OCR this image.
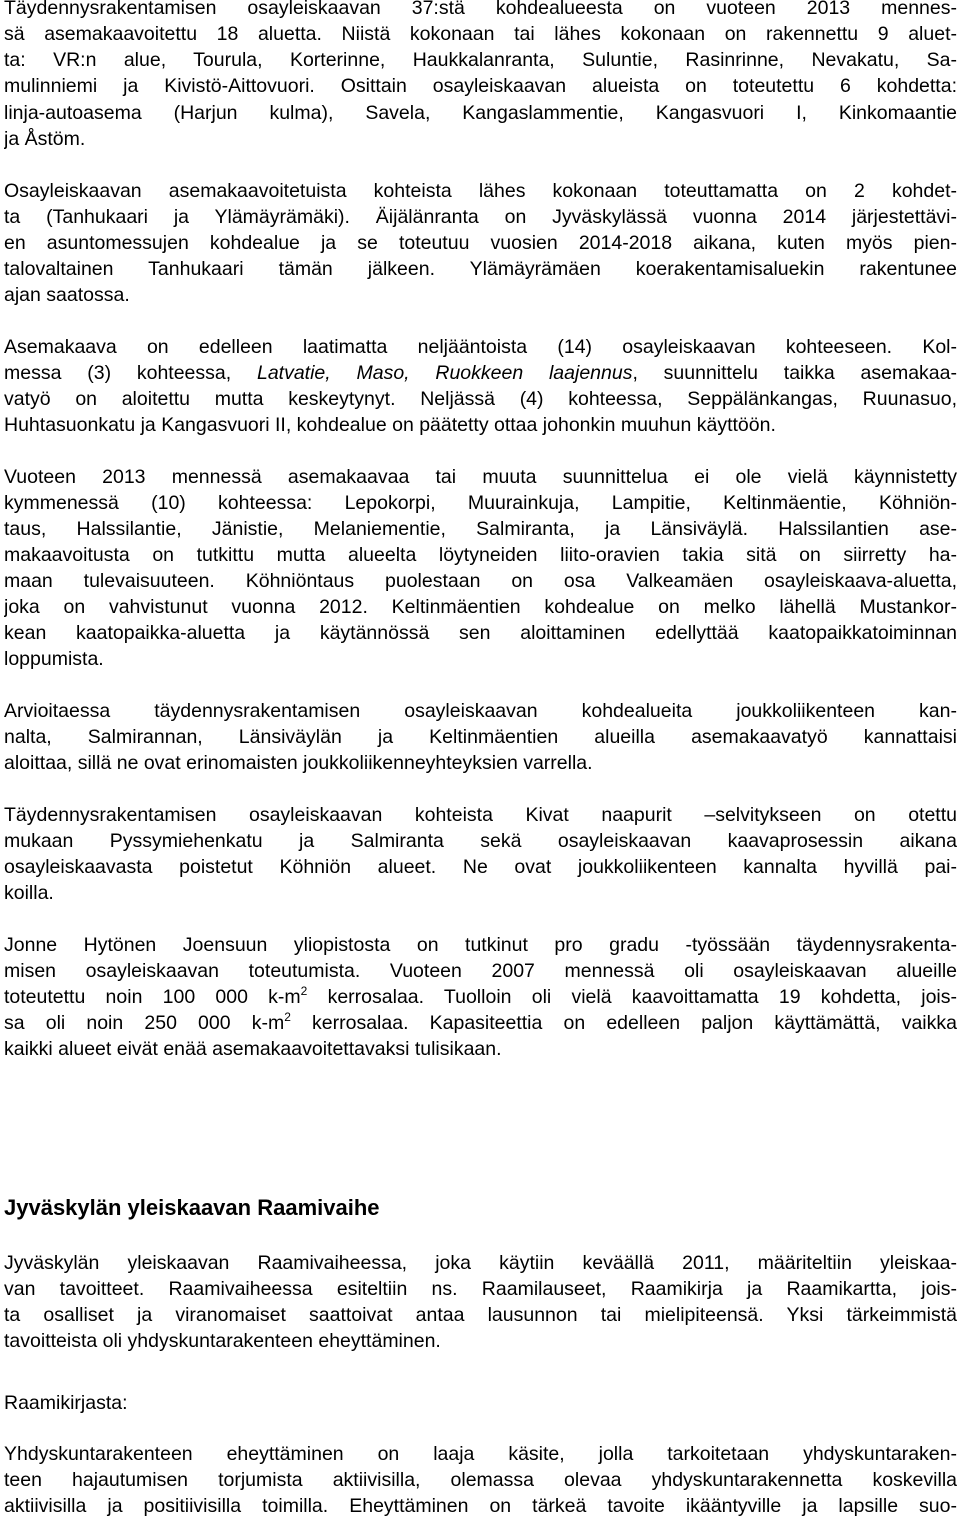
Täydennysrakentamisen osayleiskaavan 37:stä kohdealueesta on vuoteen 2013 mennes-
sä asemakaavoitettu 18 aluetta. Niistä kokonaan tai lähes kokonaan on rakennettu 9 aluet-
ta: VR:n alue, Tourula, Korterinne, Haukkalanranta, Suluntie, Rasinrinne, Nevakatu, Sa-
mulinniemi ja Kivistö-Aittovuori. Osittain osayleiskaavan alueista on toteutettu 6 kohdetta:
linja-autoasema (Harjun kulma), Savela, Kangaslammentie, Kangasvuori I, Kinkomaantie
ja Åstöm.
Osayleiskaavan asemakaavoitetuista kohteista lähes kokonaan toteuttamatta on 2 kohdet-
ta (Tanhukaari ja Ylämäyrämäki). Äijälänranta on Jyväskylässä vuonna 2014 järjestettävi-
en asuntomessujen kohdealue ja se toteutuu vuosien 2014-2018 aikana, kuten myös pien-
talovaltainen Tanhukaari tämän jälkeen. Ylämäyrämäen koerakentamisaluekin rakentunee
ajan saatossa.
Asemakaava on edelleen laatimatta neljääntoista (14) osayleiskaavan kohteeseen. Kol-
messa (3) kohteessa, Latvatie, Maso, Ruokkeen laajennus, suunnittelu taikka asemakaa-
vatyö on aloitettu mutta keskeytynyt. Neljässä (4) kohteessa, Seppälänkangas, Ruunasuo,
Huhtasuonkatu ja Kangasvuori II, kohdealue on päätetty ottaa johonkin muuhun käyttöön.
Vuoteen 2013 mennessä asemakaavaa tai muuta suunnittelua ei ole vielä käynnistetty
kymmenessä (10) kohteessa: Lepokorpi, Muurainkuja, Lampitie, Keltinmäentie, Köhniön-
taus, Halssilantie, Jänistie, Melaniementie, Salmiranta, ja Länsiväylä. Halssilantien ase-
makaavoitusta on tutkittu mutta alueelta löytyneiden liito-oravien takia sitä on siirretty ha-
maan tulevaisuuteen. Köhniöntaus puolestaan on osa Valkeamäen osayleiskaava-aluetta,
joka on vahvistunut vuonna 2012. Keltinmäentien kohdealue on melko lähellä Mustankor-
kean kaatopaikka-aluetta ja käytännössä sen aloittaminen edellyttää kaatopaikkatoiminnan
loppumista.
Arvioitaessa täydennysrakentamisen osayleiskaavan kohdealueita joukkoliikenteen kan-
nalta, Salmirannan, Länsiväylän ja Keltinmäentien alueilla asemakaavatyö kannattaisi
aloittaa, sillä ne ovat erinomaisten joukkoliikenneyhteyksien varrella.
Täydennysrakentamisen osayleiskaavan kohteista Kivat naapurit –selvitykseen on otettu
mukaan Pyssymiehenkatu ja Salmiranta sekä osayleiskaavan kaavaprosessin aikana
osayleiskaavasta poistetut Köhniön alueet. Ne ovat joukkoliikenteen kannalta hyvillä pai-
koilla.
Jonne Hytönen Joensuun yliopistosta on tutkinut pro gradu -työssään täydennysrakenta-
misen osayleiskaavan toteutumista. Vuoteen 2007 mennessä oli osayleiskaavan alueille
toteutettu noin 100 000 $k-m^2$ kerrosalaa. Tuolloin oli vielä kaavoittamatta 19 kohdetta, jois-
sa oli noin 250 000 $k-m^2$ kerrosalaa. Kapasiteettia on edelleen paljon käyttämättä, vaikka
kaikki alueet eivät enää asemakaavoitettavaksi tulisikaan.
Jyväskylän yleiskaavan Raamivaihe
Jyväskylän yleiskaavan Raamivaiheessa, joka käytiin keväällä 2011, määriteltiin yleiskaa-
van tavoitteet. Raamivaiheessa esiteltiin ns. Raamilauseet, Raamikirja ja Raamikartta, jois-
ta osalliset ja viranomaiset saattoivat antaa lausunnon tai mielipiteensä. Yksi tärkeimmistä
tavoitteista oli yhdyskuntarakenteen eheyttäminen.
Raamikirjasta:
Yhdyskuntarakenteen eheyttäminen on laaja käsite, jolla tarkoitetaan yhdyskuntaraken-
teen hajautumisen torjumista aktiivisilla, olemassa olevaa yhdyskuntarakennetta koskevilla
aktiivisilla ja positiivisilla toimilla. Eheyttäminen on tärkeä tavoite ikääntyville ja lapsille suo-
